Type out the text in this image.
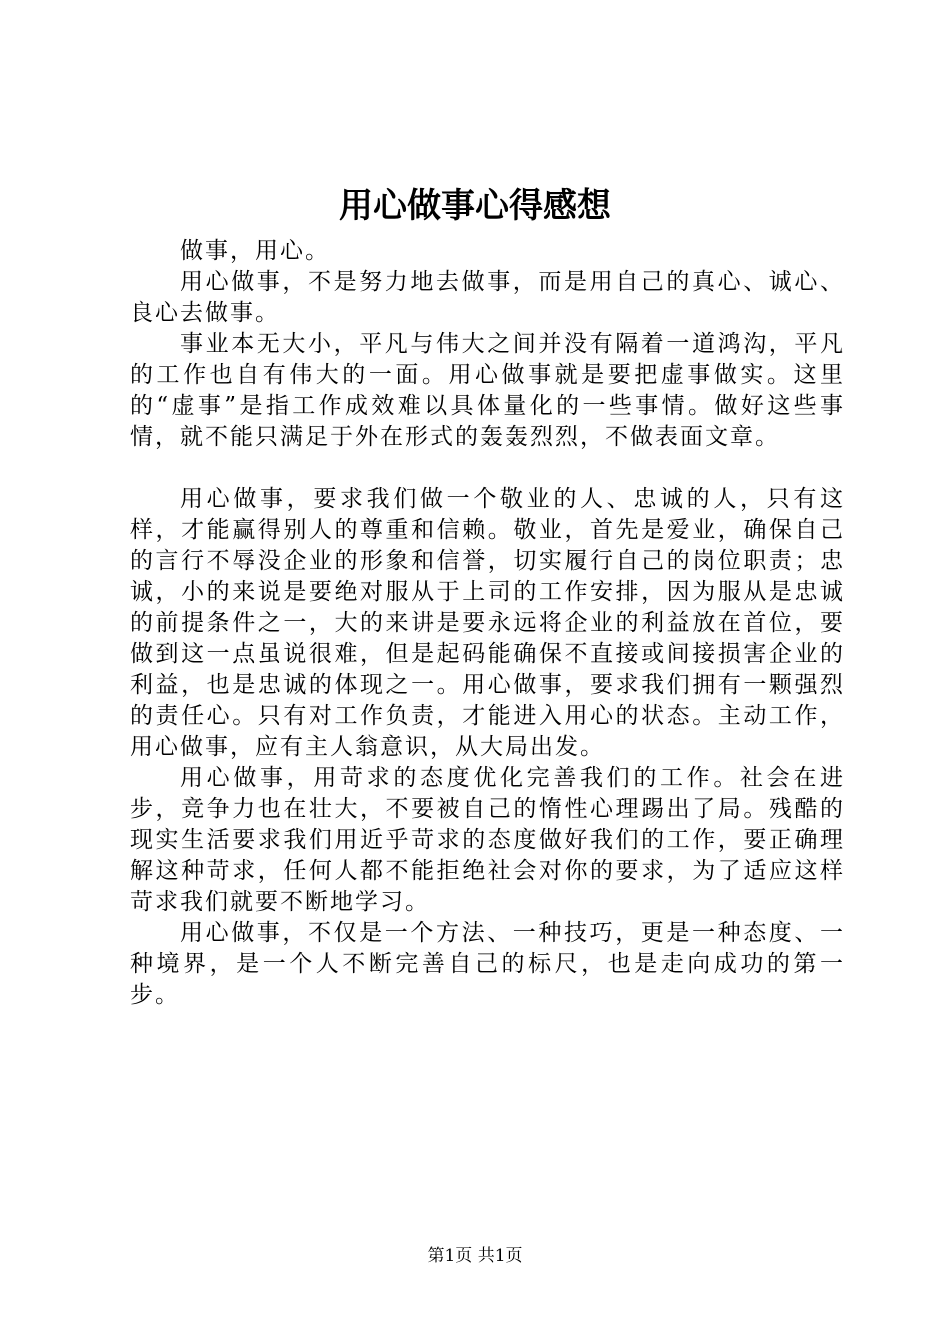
用心做事心得感想

做事，用心。

用心做事，不是努力地去做事，而是用自己的真心、诚心、良心去做事。

事业本无大小，平凡与伟大之间并没有隔着一道鸿沟，平凡的工作也自有伟大的一面。用心做事就是要把虚事做实。这里的“虚事”是指工作成效难以具体量化的一些事情。做好这些事情，就不能只满足于外在形式的轰轰烈烈，不做表面文章。

用心做事，要求我们做一个敬业的人、忠诚的人，只有这样，才能赢得别人的尊重和信赖。敬业，首先是爱业，确保自己的言行不辱没企业的形象和信誉，切实履行自己的岗位职责；忠诚，小的来说是要绝对服从于上司的工作安排，因为服从是忠诚的前提条件之一，大的来讲是要永远将企业的利益放在首位，要做到这一点虽说很难，但是起码能确保不直接或间接损害企业的利益，也是忠诚的体现之一。用心做事，要求我们拥有一颗强烈的责任心。只有对工作负责，才能进入用心的状态。主动工作，用心做事，应有主人翁意识，从大局出发。

用心做事，用苛求的态度优化完善我们的工作。社会在进步，竞争力也在壮大，不要被自己的惰性心理踢出了局。残酷的现实生活要求我们用近乎苛求的态度做好我们的工作，要正确理解这种苛求，任何人都不能拒绝社会对你的要求，为了适应这样苛求我们就要不断地学习。

用心做事，不仅是一个方法、一种技巧，更是一种态度、一种境界，是一个人不断完善自己的标尺，也是走向成功的第一步。

第1页 共1页
